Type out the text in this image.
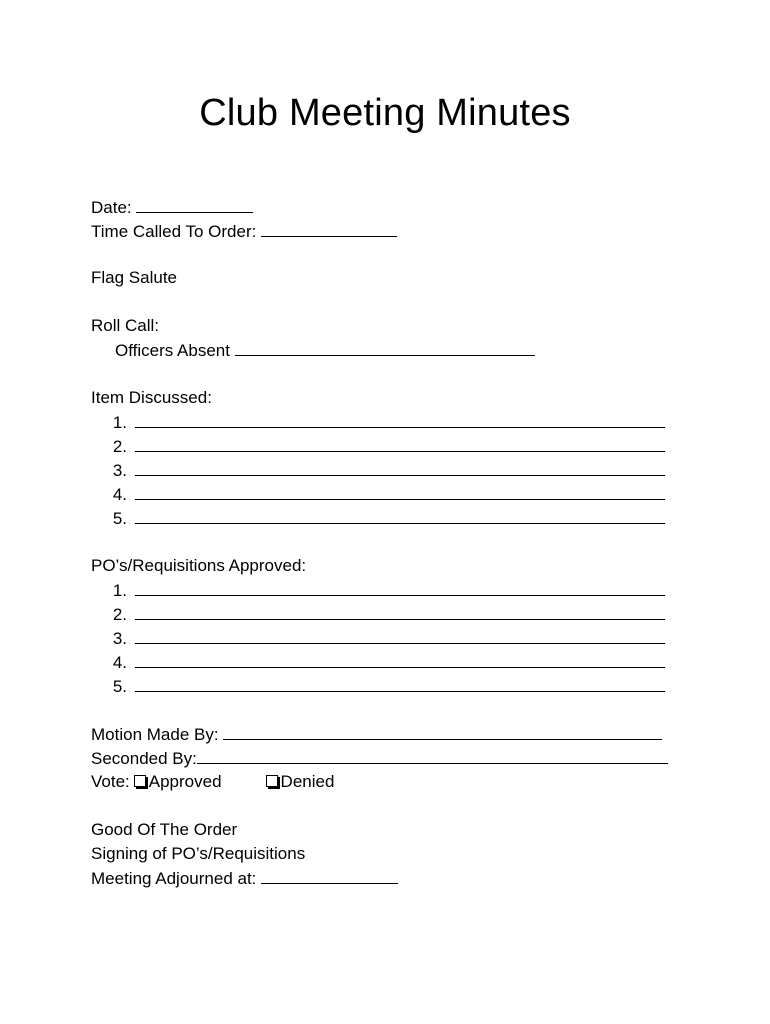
Club Meeting Minutes
Date:
Time Called To Order:
Flag Salute
Roll Call:
Officers Absent
Item Discussed:
1.
2.
3.
4.
5.
PO’s/Requisitions Approved:
1.
2.
3.
4.
5.
Motion Made By:
Seconded By:
Vote: Approved	Denied
Good Of The Order
Signing of PO’s/Requisitions
Meeting Adjourned at:
